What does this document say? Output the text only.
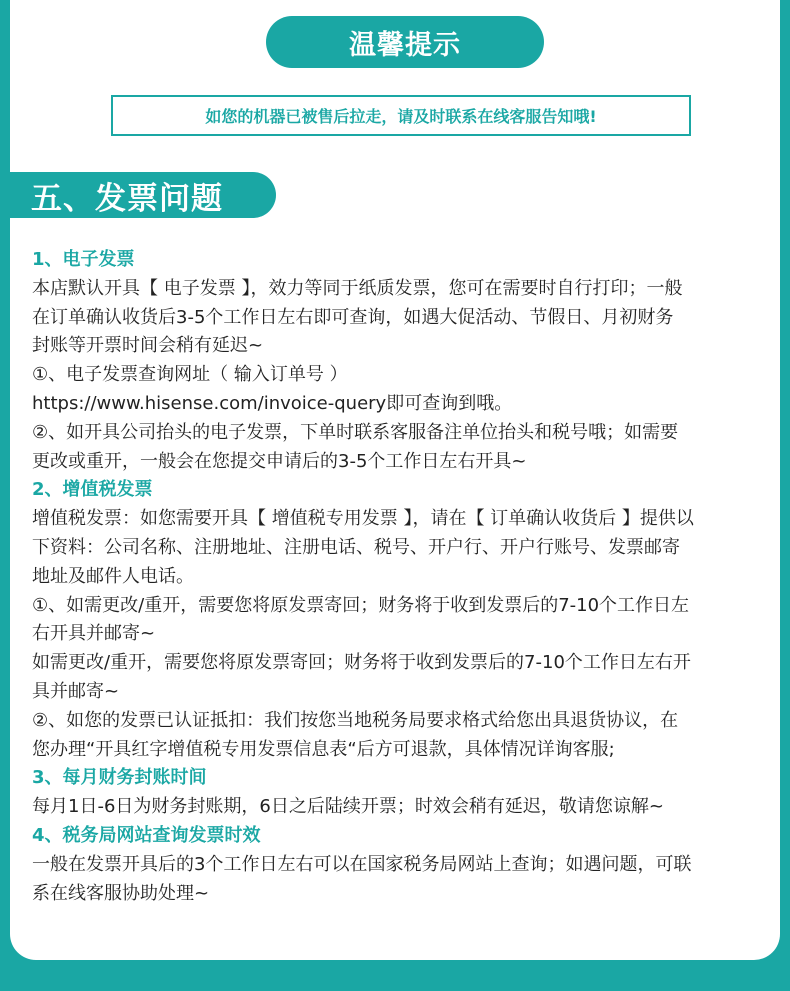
温馨提示
如您的机器已被售后拉走，请及时联系在线客服告知哦!
五、发票问题
1、电子发票
本店默认开具【 电子发票 】，效力等同于纸质发票，您可在需要时自行打印；一般
在订单确认收货后3-5个工作日左右即可查询，如遇大促活动、节假日、月初财务
封账等开票时间会稍有延迟~
①、电子发票查询网址（ 输入订单号 ）
https://www.hisense.com/invoice-query即可查询到哦。
②、如开具公司抬头的电子发票，下单时联系客服备注单位抬头和税号哦；如需要
更改或重开，一般会在您提交申请后的3-5个工作日左右开具~
2、增值税发票
增值税发票：如您需要开具【 增值税专用发票 】，请在【 订单确认收货后 】提供以
下资料：公司名称、注册地址、注册电话、税号、开户行、开户行账号、发票邮寄
地址及邮件人电话。
①、如需更改/重开，需要您将原发票寄回；财务将于收到发票后的7-10个工作日左
右开具并邮寄~
如需更改/重开，需要您将原发票寄回；财务将于收到发票后的7-10个工作日左右开
具并邮寄~
②、如您的发票已认证抵扣：我们按您当地税务局要求格式给您出具退货协议，在
您办理“开具红字增值税专用发票信息表“后方可退款，具体情况详询客服;
3、每月财务封账时间
每月1日-6日为财务封账期，6日之后陆续开票；时效会稍有延迟，敬请您谅解~
4、税务局网站查询发票时效
一般在发票开具后的3个工作日左右可以在国家税务局网站上查询；如遇问题，可联
系在线客服协助处理~
